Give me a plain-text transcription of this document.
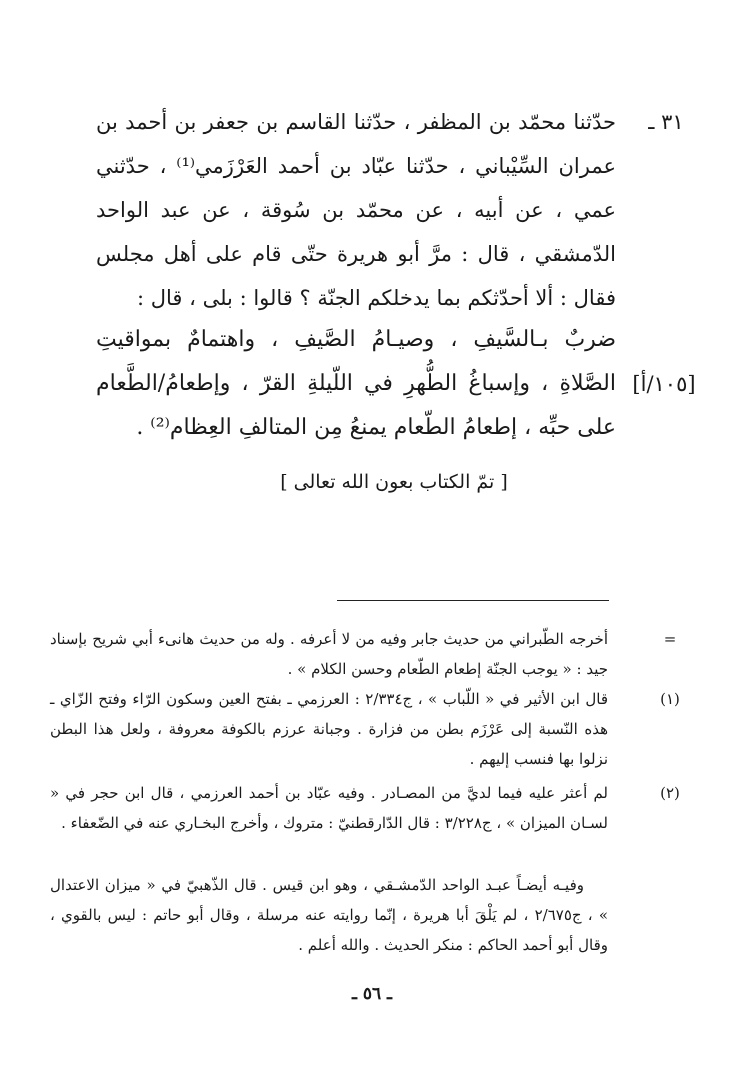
٣١ ـ
حدّثنا محمّد بن المظفر ، حدّثنا القاسم بن جعفر بن أحمد بن عمران السِّيْباني ، حدّثنا عبّاد بن أحمد العَرْزَمي⁽¹⁾ ، حدّثني عمي ، عن أبيه ، عن محمّد بن سُوقة ، عن عبد الواحد الدّمشقي ، قال : مرَّ أبو هريرة حتّى قام على أهل مجلس فقال : ألا أحدّثكم بما يدخلكم الجنّة ؟ قالوا : بلى ، قال :
ضربٌ بـالسَّيفِ ، وصيـامُ الصَّيفِ ، واهتمامٌ بمواقيتِ الصَّلاةِ ، وإسباغُ الطُّهرِ في اللّيلةِ القرّ ، وإطعامُ/الطَّعام على حبِّه ، إطعامُ الطّعام يمنعُ مِن المتالفِ العِظام⁽²⁾ .
[١٠٥/أ]
[ تمّ الكتاب بعون الله تعالى ]
=
أخرجه الطّبراني من حديث جابر وفيه من لا أعرفه . وله من حديث هانىء أبي شريح بإسناد جيد : « يوجب الجنّة إطعام الطّعام وحسن الكلام » .
(١)
قال ابن الأثير في « اللّباب » ، ج٢/٣٣٤ : العرزمي ـ بفتح العين وسكون الرّاء وفتح الزّاي ـ هذه النّسبة إلى عَرْزَم بطن من فزارة . وجبانة عرزم بالكوفة معروفة ، ولعل هذا البطن نزلوا بها فنسب إليهم .
(٢)
لم أعثر عليه فيما لديَّ من المصـادر . وفيه عبّاد بن أحمد العرزمي ، قال ابن حجر في « لسـان الميزان » ، ج٣/٢٢٨ : قال الدّارقطنيّ : متروك ، وأخرج البخـاري عنه في الضّعفاء .
وفيـه أيضـاً عبـد الواحد الدّمشـقي ، وهو ابن قيس . قال الذّهبيّ في « ميزان الاعتدال » ، ج٢/٦٧٥ ، لم يَلْقَ أبا هريرة ، إنّما روايته عنه مرسلة ، وقال أبو حاتم : ليس بالقوي ، وقال أبو أحمد الحاكم : منكر الحديث . والله أعلم .
ـ ٥٦ ـ
